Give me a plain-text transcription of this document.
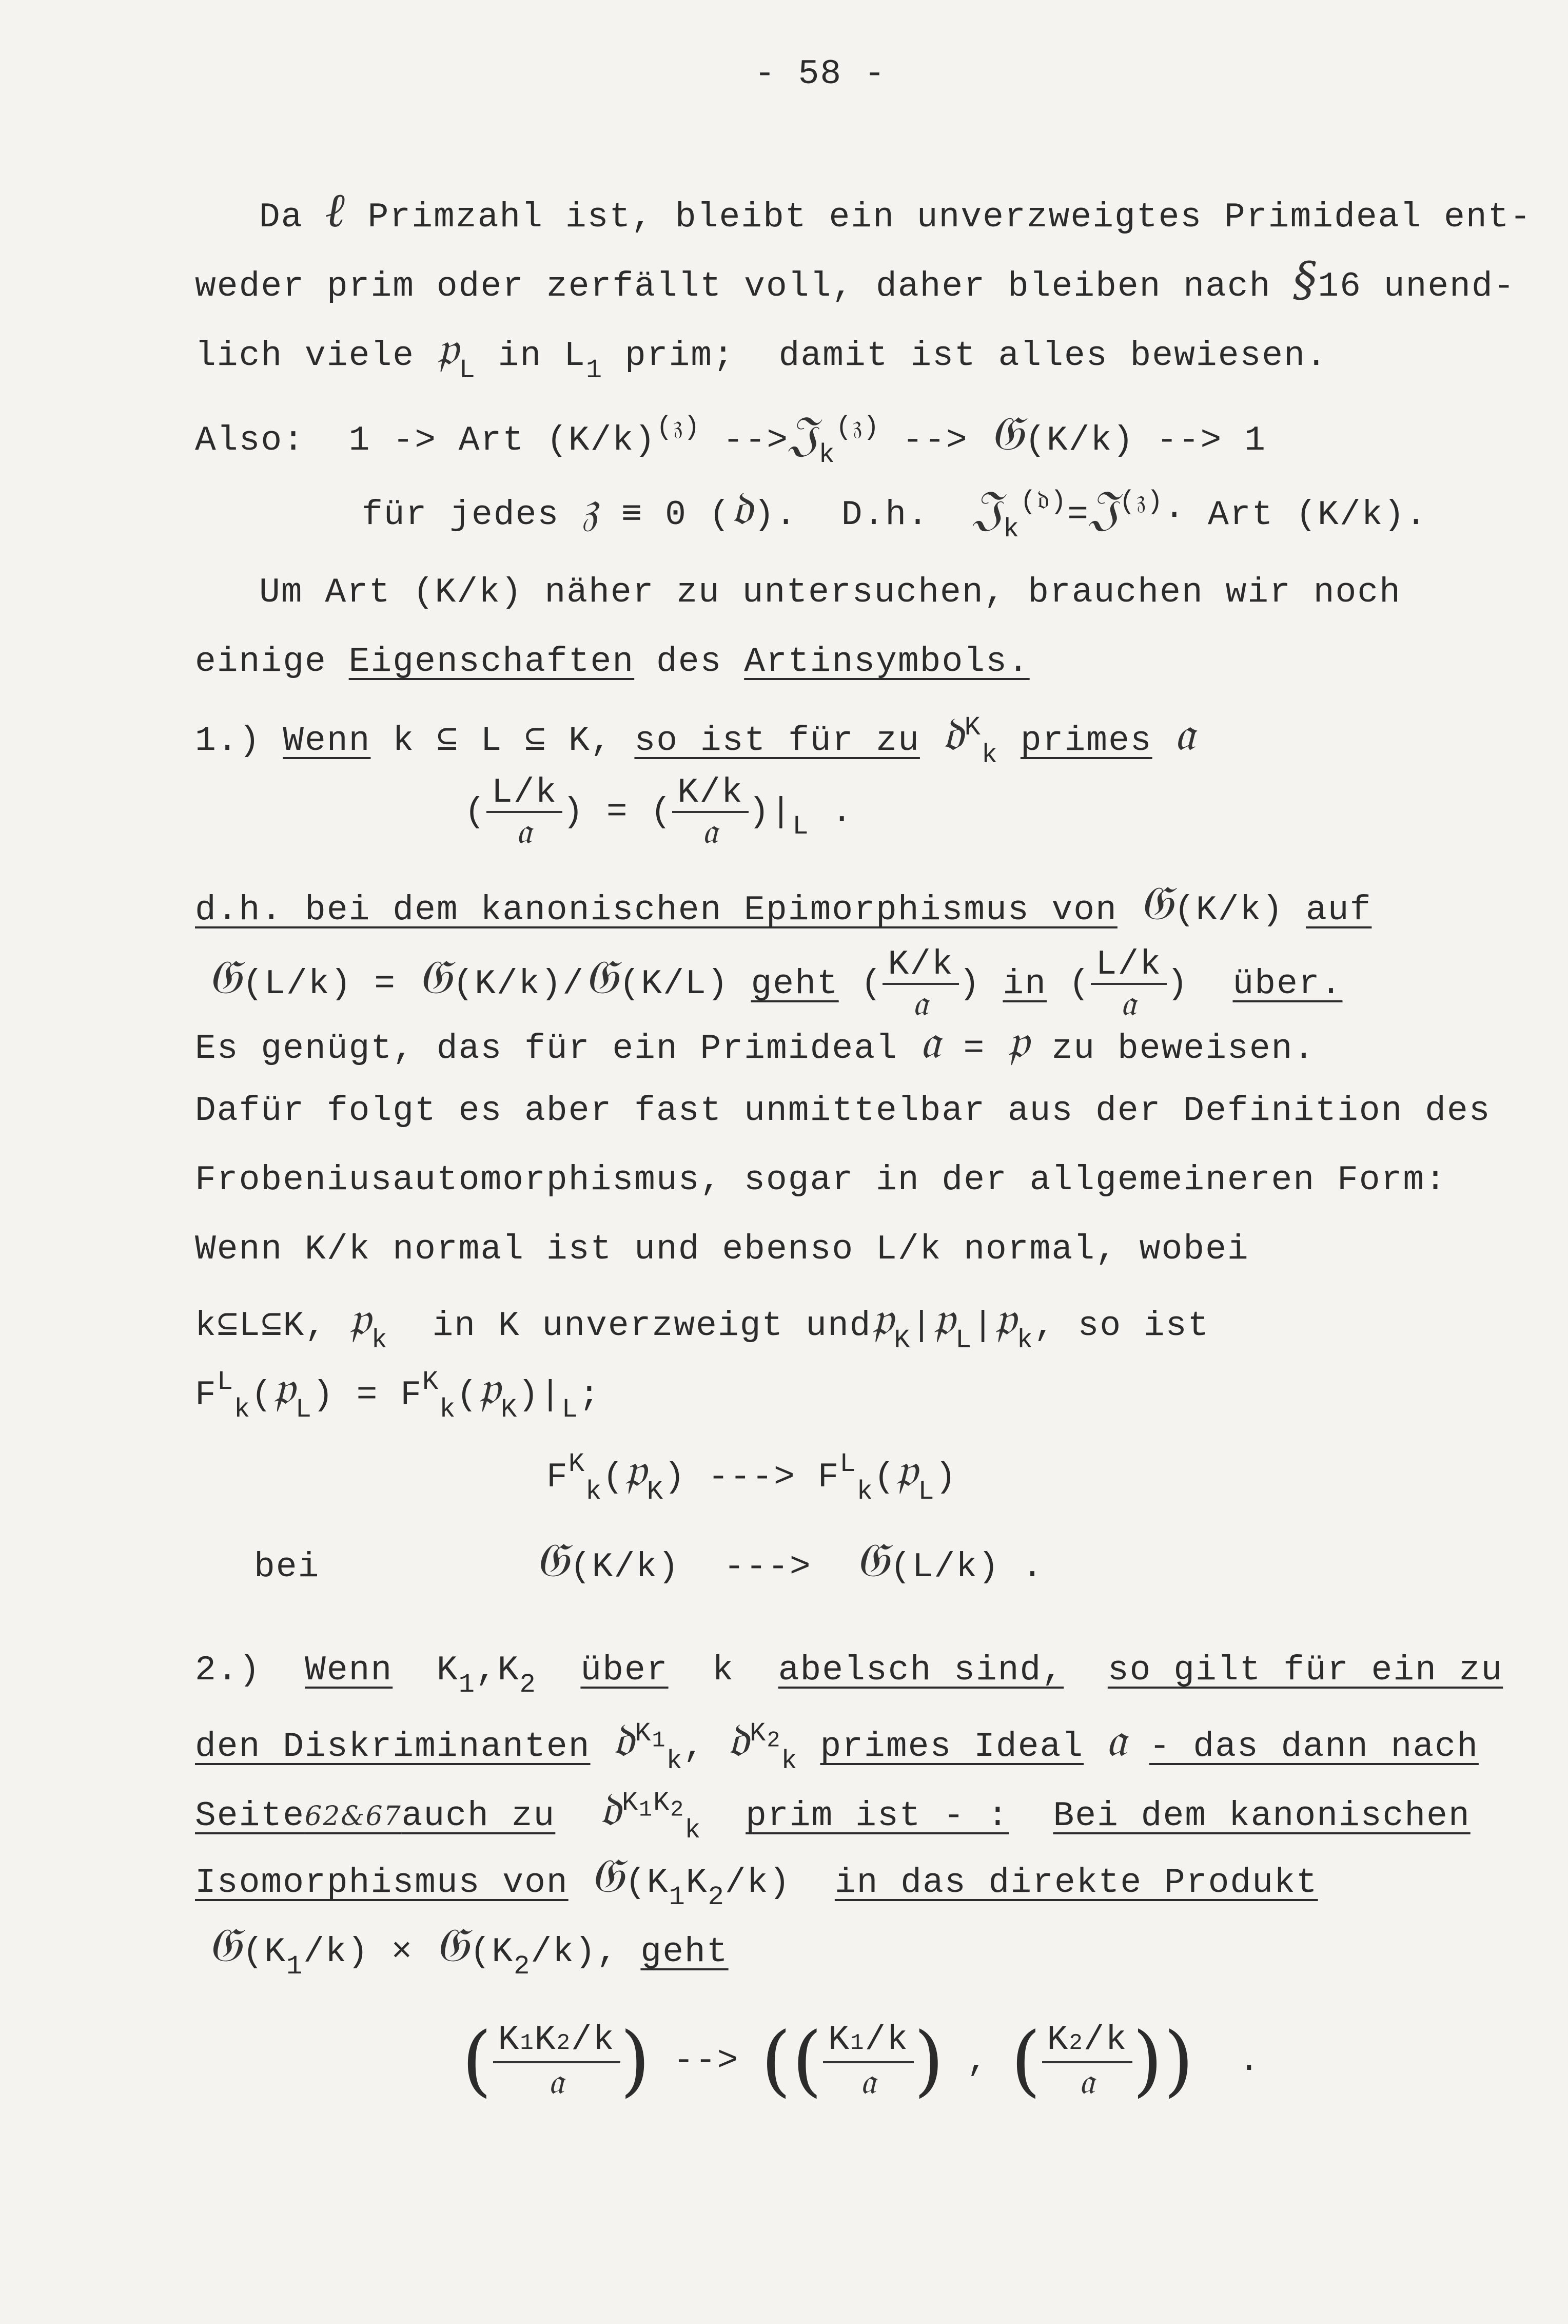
- 58 -
Da ℓ Primzahl ist, bleibt ein unverzweigtes Primideal ent-
weder prim oder zerfällt voll, daher bleiben nach §16 unend-
lich viele 𝔭$_L$ in $L_1$ prim; damit ist alles bewiesen.
Also: 1 -> Art $(K/k)^{(𝔷)}$ -->𝔍$_k^{(𝔷)}$ --> 𝔊(K/k) --> 1
für jedes 𝔷 ≡ 0 (𝔡). D.h. 𝔍$_k^{(𝔡)}$=𝔍$^{(𝔷)}$· Art (K/k).
Um Art (K/k) näher zu untersuchen, brauchen wir noch
einige Eigenschaften des Artinsymbols.
1.) Wenn k ⊆ L ⊆ K, so ist für zu 𝔡$^K_k$ primes 𝔞
( $\frac{L/k}{\text{𝔞}}$ ) = ( $\frac{K/k}{\text{𝔞}} )|_L$ .
d.h. bei dem kanonischen Epimorphismus von 𝔊(K/k) auf
𝔊(L/k) = 𝔊(K/k)/𝔊(K/L) geht ( $\frac{K/k}{\text{𝔞}}$ ) in ( $\frac{L/k}{\text{𝔞}}$ )  über.
Es genügt, das für ein Primideal 𝔞 = 𝔭 zu beweisen.
Dafür folgt es aber fast unmittelbar aus der Definition des
Frobeniusautomorphismus, sogar in der allgemeineren Form:
Wenn K/k normal ist und ebenso L/k normal, wobei
k⊆L⊆K, 𝔭$_k$ in K unverzweigt und𝔭$_K$|𝔭$_L$|𝔭$_k$, so ist
$F^L_k(𝔭_L)$ = $F^K_k(𝔭_K)|_L$;
$F^K_k(𝔭_K)$ ---> $F^L_k(𝔭_L)$
bei	𝔊(K/k) ---> 𝔊(L/k) .
2.) Wenn  $K_1,K_2$ über k abelsch sind, so gilt für ein zu
den Diskriminanten 𝔡$^{K_1}_k$, 𝔡$^{K_2}_k$ primes Ideal 𝔞 - das dann nach
Seite62&67auch zu 𝔡$^{K_1K_2}_k$ prim ist - : Bei dem kanonischen
Isomorphismus von $𝔊(K_1K_2/k)$  in das direkte Produkt
$𝔊(K_1/k)$ × $𝔊(K_2/k)$, geht
( $\frac{K1K2/k}{\text{𝔞}}$ ) --> (( $\frac{K1/k}{\text{𝔞}}$ ) , ( $\frac{K2/k}{\text{𝔞}}$ ))  .
